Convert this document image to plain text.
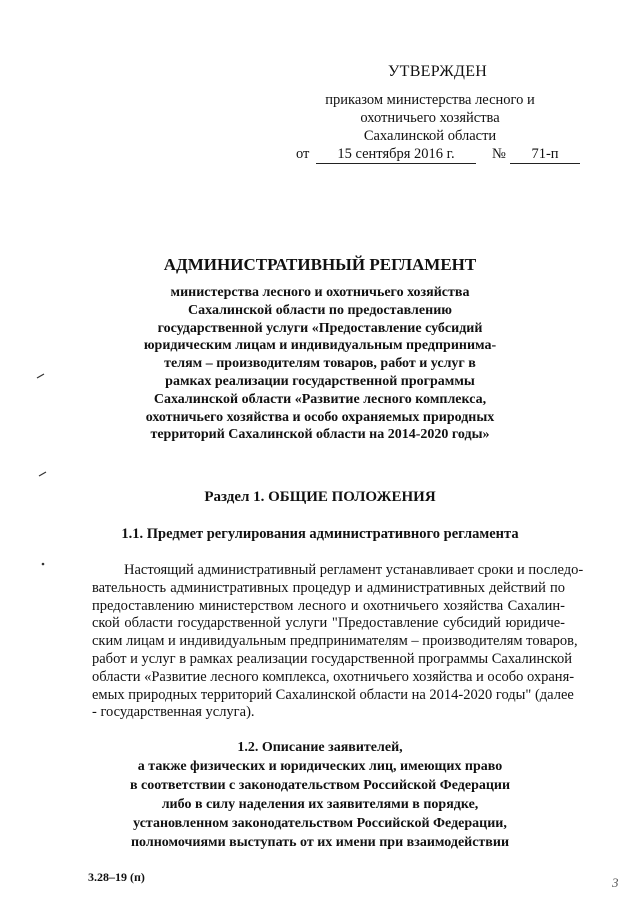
УТВЕРЖДЕН
приказом министерства лесного и
охотничьего хозяйства
Сахалинской области
от	15 сентября 2016 г.	№	71-п
АДМИНИСТРАТИВНЫЙ РЕГЛАМЕНТ
министерства лесного и охотничьего хозяйства
Сахалинской области по предоставлению
государственной услуги «Предоставление субсидий
юридическим лицам и индивидуальным предпринима-
телям – производителям товаров, работ и услуг в
рамках реализации государственной программы
Сахалинской области «Развитие лесного комплекса,
охотничьего хозяйства и особо охраняемых природных
территорий Сахалинской области на 2014-2020 годы»
Раздел 1. ОБЩИЕ ПОЛОЖЕНИЯ
1.1. Предмет регулирования административного регламента
Настоящий административный регламент устанавливает сроки и последо-
вательность административных процедур и административных действий по
предоставлению министерством лесного и охотничьего хозяйства Сахалин-
ской области государственной услуги "Предоставление субсидий юридиче-
ским лицам и индивидуальным предпринимателям – производителям товаров,
работ и услуг в рамках реализации государственной программы Сахалинской
области «Развитие лесного комплекса, охотничьего хозяйства и особо охраня-
емых природных территорий Сахалинской области на 2014-2020 годы" (далее
- государственная услуга).
1.2. Описание заявителей,
а также физических и юридических лиц, имеющих право
в соответствии с законодательством Российской Федерации
либо в силу наделения их заявителями в порядке,
установленном законодательством Российской Федерации,
полномочиями выступать от их имени при взаимодействии
3.28–19 (п)	3
